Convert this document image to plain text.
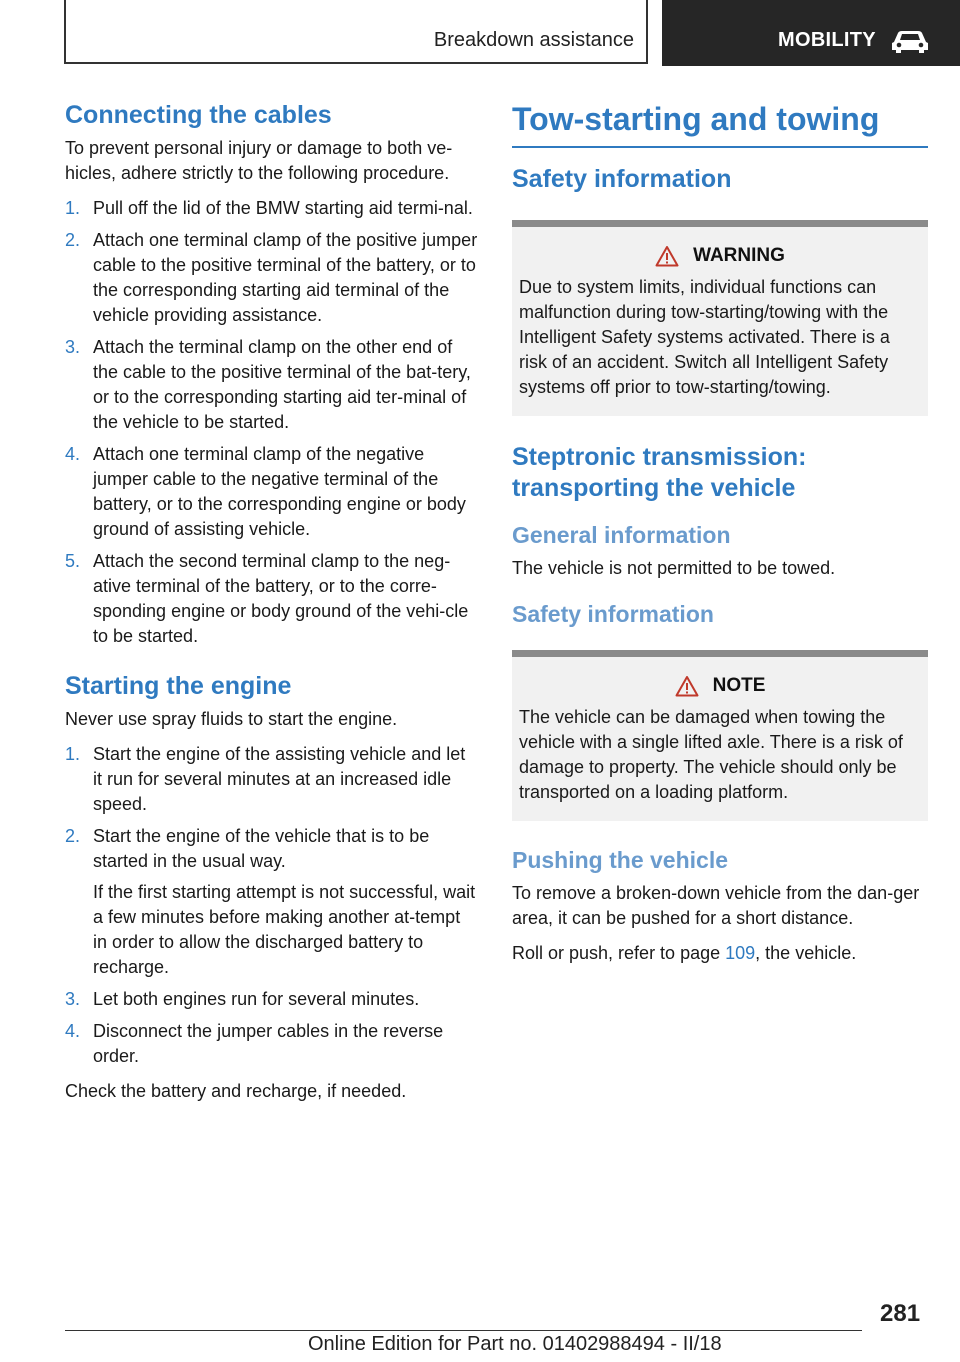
Breakdown assistance	MOBILITY
Connecting the cables

To prevent personal injury or damage to both ve-hicles, adhere strictly to the following procedure.

1. Pull off the lid of the BMW starting aid termi-nal.
2. Attach one terminal clamp of the positive jumper cable to the positive terminal of the battery, or to the corresponding starting aid terminal of the vehicle providing assistance.
3. Attach the terminal clamp on the other end of the cable to the positive terminal of the bat-tery, or to the corresponding starting aid ter-minal of the vehicle to be started.
4. Attach one terminal clamp of the negative jumper cable to the negative terminal of the battery, or to the corresponding engine or body ground of assisting vehicle.
5. Attach the second terminal clamp to the neg-ative terminal of the battery, or to the corre-sponding engine or body ground of the vehi-cle to be started.
Starting the engine

Never use spray fluids to start the engine.

1. Start the engine of the assisting vehicle and let it run for several minutes at an increased idle speed.
2. Start the engine of the vehicle that is to be started in the usual way.
If the first starting attempt is not successful, wait a few minutes before making another at-tempt in order to allow the discharged battery to recharge.
3. Let both engines run for several minutes.
4. Disconnect the jumper cables in the reverse order.

Check the battery and recharge, if needed.

Tow-starting and towing
Safety information
WARNING
Due to system limits, individual functions can malfunction during tow-starting/towing with the Intelligent Safety systems activated. There is a risk of an accident. Switch all Intelligent Safety systems off prior to tow-starting/towing.
Steptronic transmission: transporting the vehicle
General information

The vehicle is not permitted to be towed.

Safety information
NOTE
The vehicle can be damaged when towing the vehicle with a single lifted axle. There is a risk of damage to property. The vehicle should only be transported on a loading platform.
Pushing the vehicle

To remove a broken-down vehicle from the dan-ger area, it can be pushed for a short distance.

Roll or push, refer to page 109, the vehicle.

281
Online Edition for Part no. 01402988494 - II/18
